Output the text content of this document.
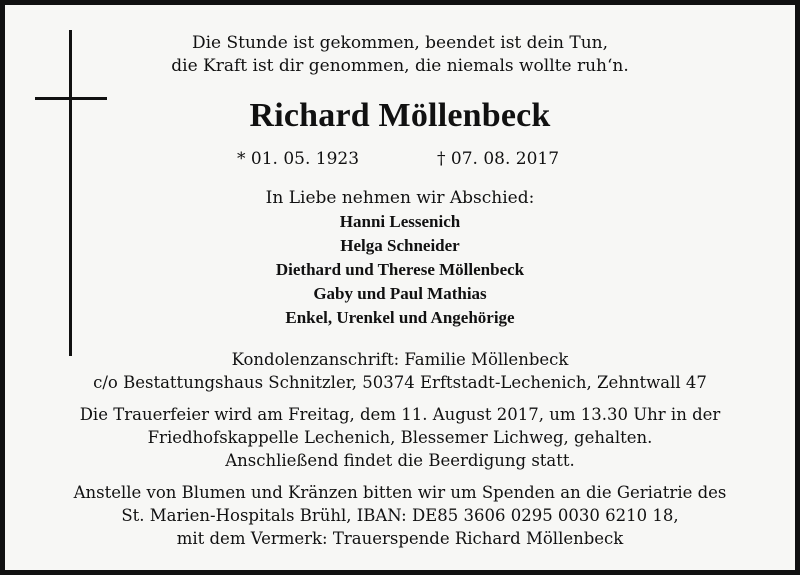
Die Stunde ist gekommen, beendet ist dein Tun,
die Kraft ist dir genommen, die niemals wollte ruh‘n.
Richard Möllenbeck
* 01. 05. 1923	† 07. 08. 2017
In Liebe nehmen wir Abschied:
Hanni Lessenich
Helga Schneider
Diethard und Therese Möllenbeck
Gaby und Paul Mathias
Enkel, Urenkel und Angehörige
Kondolenzanschrift: Familie Möllenbeck
c/o Bestattungshaus Schnitzler, 50374 Erftstadt-Lechenich, Zehntwall 47
Die Trauerfeier wird am Freitag, dem 11. August 2017, um 13.30 Uhr in der
Friedhofskappelle Lechenich, Blessemer Lichweg, gehalten.
Anschließend findet die Beerdigung statt.
Anstelle von Blumen und Kränzen bitten wir um Spenden an die Geriatrie des
St. Marien-Hospitals Brühl, IBAN: DE85 3606 0295 0030 6210 18,
mit dem Vermerk: Trauerspende Richard Möllenbeck
